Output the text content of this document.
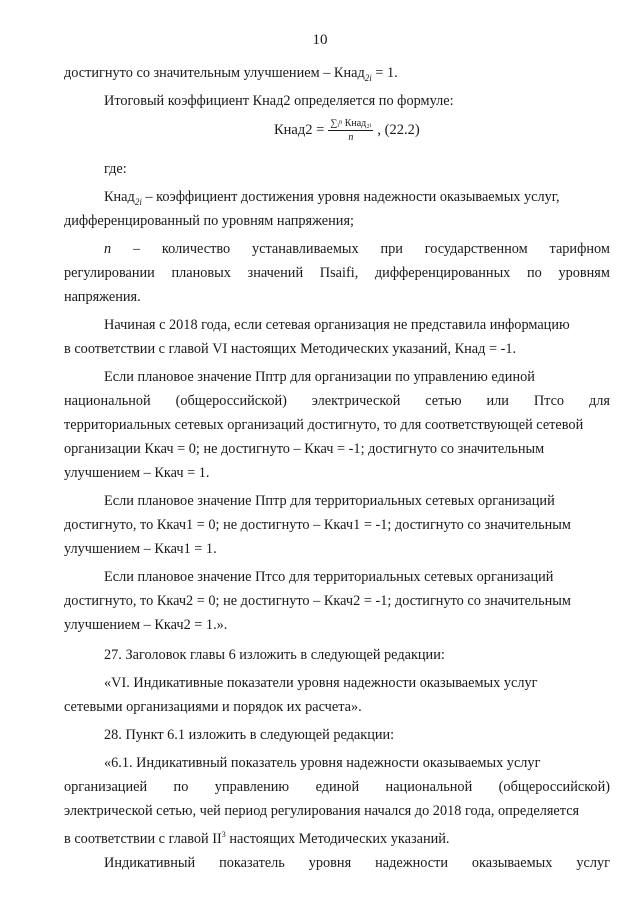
10
достигнуто со значительным улучшением – Кнад$_{2i}$ = 1.
Итоговый коэффициент Кнад2 определяется по формуле:
Кнад2 = $\frac{\text{∑ᵢⁿ Кнад₂ᵢ}}{n}$ , (22.2)
где:
Кнад$_{2i}$ – коэффициент достижения уровня надежности оказываемых услуг,
дифференцированный по уровням напряжения;
n – количество устанавливаемых при государственном тарифном
регулировании плановых значений Пsaifi, дифференцированных по уровням
напряжения.
Начиная с 2018 года, если сетевая организация не представила информацию
в соответствии с главой VI настоящих Методических указаний, Кнад = -1.
Если плановое значение Пптр для организации по управлению единой
национальной (общероссийской) электрической сетью или Птсо для
территориальных сетевых организаций достигнуто, то для соответствующей сетевой
организации Ккач = 0; не достигнуто – Ккач = -1; достигнуто со значительным
улучшением – Ккач = 1.
Если плановое значение Пптр для территориальных сетевых организаций
достигнуто, то Ккач1 = 0; не достигнуто – Ккач1 = -1; достигнуто со значительным
улучшением – Ккач1 = 1.
Если плановое значение Птсо для территориальных сетевых организаций
достигнуто, то Ккач2 = 0; не достигнуто – Ккач2 = -1; достигнуто со значительным
улучшением – Ккач2 = 1.».
27. Заголовок главы 6 изложить в следующей редакции:
«VI. Индикативные показатели уровня надежности оказываемых услуг
сетевыми организациями и порядок их расчета».
28. Пункт 6.1 изложить в следующей редакции:
«6.1. Индикативный показатель уровня надежности оказываемых услуг
организацией по управлению единой национальной (общероссийской)
электрической сетью, чей период регулирования начался до 2018 года, определяется
в соответствии с главой $II^3$ настоящих Методических указаний.
Индикативный показатель уровня надежности оказываемых услуг
